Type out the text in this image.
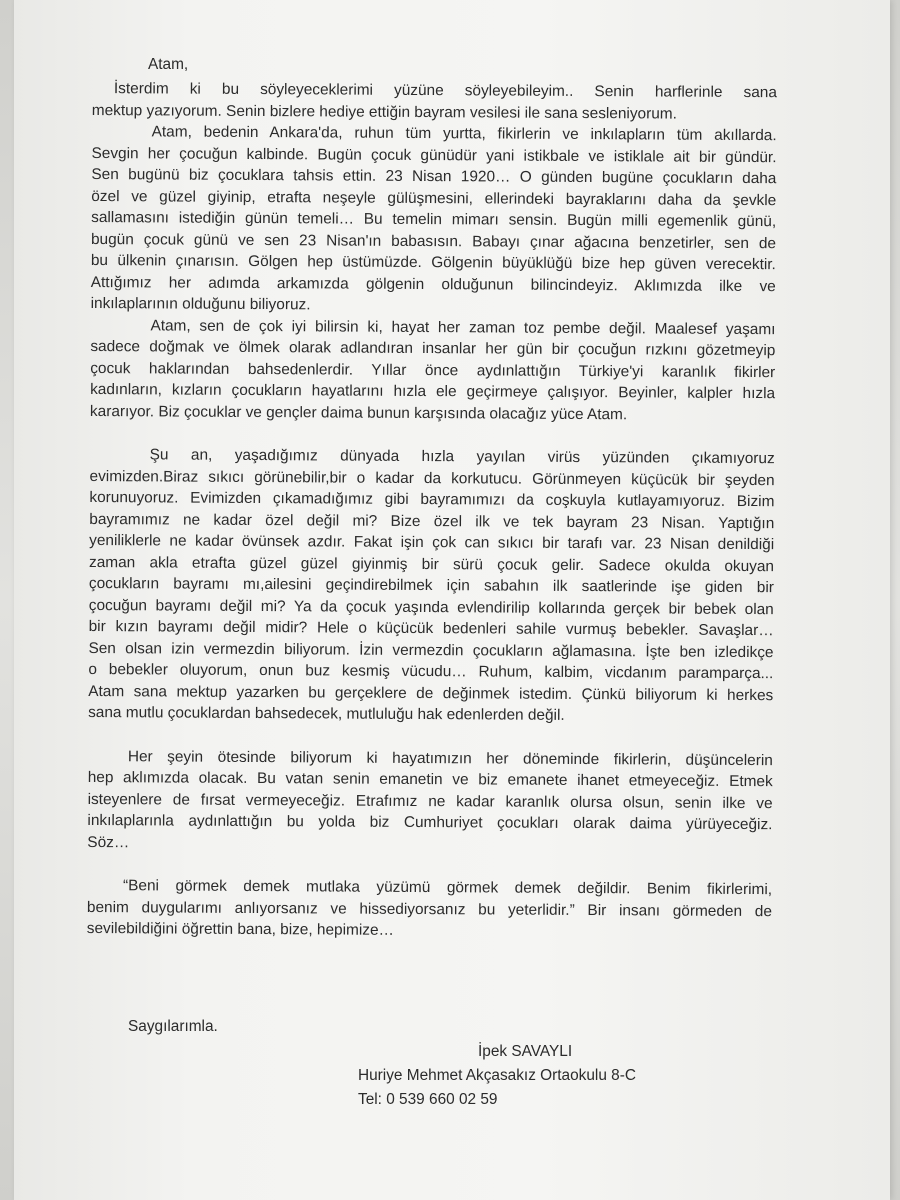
Atam,
İsterdim ki bu söyleyeceklerimi yüzüne söyleyebileyim.. Senin harflerinle sana
mektup yazıyorum. Senin bizlere hediye ettiğin bayram vesilesi ile sana sesleniyorum.
Atam, bedenin Ankara'da, ruhun tüm yurtta, fikirlerin ve inkılapların tüm akıllarda.
Sevgin her çocuğun kalbinde. Bugün çocuk günüdür yani istikbale ve istiklale ait bir gündür.
Sen bugünü biz çocuklara tahsis ettin. 23 Nisan 1920… O günden bugüne çocukların daha
özel ve güzel giyinip, etrafta neşeyle gülüşmesini, ellerindeki bayraklarını daha da şevkle
sallamasını istediğin günün temeli… Bu temelin mimarı sensin. Bugün milli egemenlik günü,
bugün çocuk günü ve sen 23 Nisan'ın babasısın. Babayı çınar ağacına benzetirler, sen de
bu ülkenin çınarısın. Gölgen hep üstümüzde. Gölgenin büyüklüğü bize hep güven verecektir.
Attığımız her adımda arkamızda gölgenin olduğunun bilincindeyiz. Aklımızda ilke ve
inkılaplarının olduğunu biliyoruz.
Atam, sen de çok iyi bilirsin ki, hayat her zaman toz pembe değil. Maalesef yaşamı
sadece doğmak ve ölmek olarak adlandıran insanlar her gün bir çocuğun rızkını gözetmeyip
çocuk haklarından bahsedenlerdir. Yıllar önce aydınlattığın Türkiye'yi karanlık fikirler
kadınların, kızların çocukların hayatlarını hızla ele geçirmeye çalışıyor. Beyinler, kalpler hızla
kararıyor. Biz çocuklar ve gençler daima bunun karşısında olacağız yüce Atam.
Şu an, yaşadığımız dünyada hızla yayılan virüs yüzünden çıkamıyoruz
evimizden.Biraz sıkıcı görünebilir,bir o kadar da korkutucu. Görünmeyen küçücük bir şeyden
korunuyoruz. Evimizden çıkamadığımız gibi bayramımızı da coşkuyla kutlayamıyoruz. Bizim
bayramımız ne kadar özel değil mi? Bize özel ilk ve tek bayram 23 Nisan. Yaptığın
yeniliklerle ne kadar övünsek azdır. Fakat işin çok can sıkıcı bir tarafı var. 23 Nisan denildiği
zaman akla etrafta güzel güzel giyinmiş bir sürü çocuk gelir. Sadece okulda okuyan
çocukların bayramı mı,ailesini geçindirebilmek için sabahın ilk saatlerinde işe giden bir
çocuğun bayramı değil mi? Ya da çocuk yaşında evlendirilip kollarında gerçek bir bebek olan
bir kızın bayramı değil midir? Hele o küçücük bedenleri sahile vurmuş bebekler. Savaşlar…
Sen olsan izin vermezdin biliyorum. İzin vermezdin çocukların ağlamasına. İşte ben izledikçe
o bebekler oluyorum, onun buz kesmiş vücudu… Ruhum, kalbim, vicdanım paramparça...
Atam sana mektup yazarken bu gerçeklere de değinmek istedim. Çünkü biliyorum ki herkes
sana mutlu çocuklardan bahsedecek, mutluluğu hak edenlerden değil.
Her şeyin ötesinde biliyorum ki hayatımızın her döneminde fikirlerin, düşüncelerin
hep aklımızda olacak. Bu vatan senin emanetin ve biz emanete ihanet etmeyeceğiz. Etmek
isteyenlere de fırsat vermeyeceğiz. Etrafımız ne kadar karanlık olursa olsun, senin ilke ve
inkılaplarınla aydınlattığın bu yolda biz Cumhuriyet çocukları olarak daima yürüyeceğiz.
Söz…
“Beni görmek demek mutlaka yüzümü görmek demek değildir. Benim fikirlerimi,
benim duygularımı anlıyorsanız ve hissediyorsanız bu yeterlidir.” Bir insanı görmeden de
sevilebildiğini öğrettin bana, bize, hepimize…
Saygılarımla.
İpek SAVAYLI
Huriye Mehmet Akçasakız Ortaokulu 8-C
Tel: 0 539 660 02 59
